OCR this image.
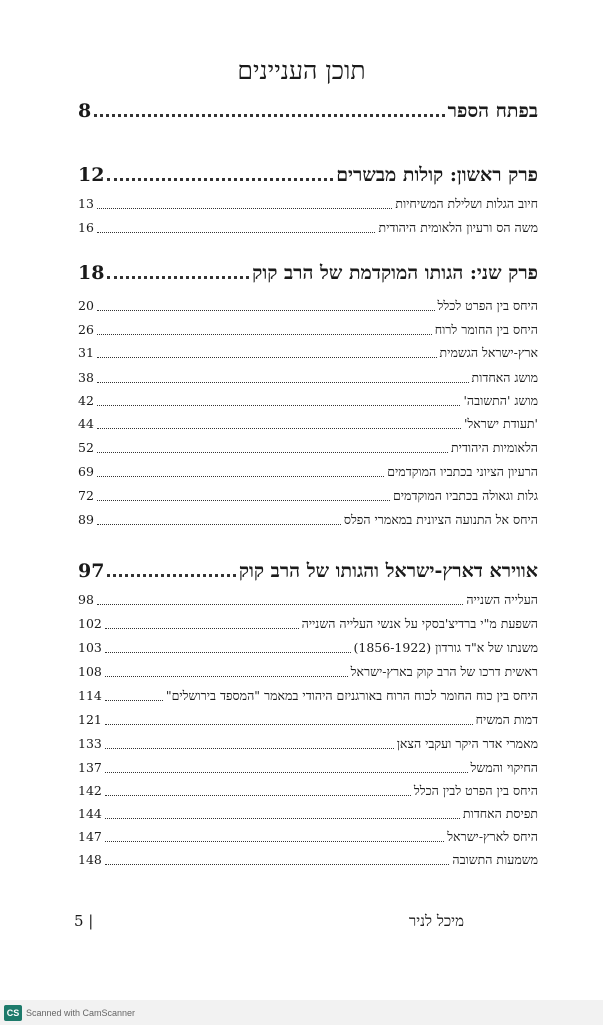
תוכן העניינים
בפתח הספר
8
פרק ראשון: קולות מבשרים
12
חיוב הגלות ושלילת המשיחיות
13
משה הס ורעיון הלאומית היהודית
16
פרק שני: הגותו המוקדמת של הרב קוק
18
היחס בין הפרט לכלל
20
היחס בין החומר לרוח
26
ארץ-ישראל הגשמית
31
מושג האחדות
38
מושג 'התשובה'
42
'תעודת ישראל'
44
הלאומיות היהודית
52
הרעיון הציוני בכתביו המוקדמים
69
גלות וגאולה בכתביו המוקדמים
72
היחס אל התנועה הציונית במאמרי הפלס
89
אווירא דארץ-ישראל והגותו של הרב קוק
97
העלייה השנייה
98
השפעת מ"י ברדיצ'בסקי על אנשי העלייה השנייה
102
משנתו של א"ד גורדון (1856-1922)
103
ראשית דרכו של הרב קוק בארץ-ישראל
108
היחס בין כוח החומר לכוח הרוח באורגניזם היהודי במאמר "המספד בירושלים"
114
דמות המשיח
121
מאמרי אדר היקר ועקבי הצאן
133
החיקוי והמשל
137
היחס בין הפרט לבין הכלל
142
תפיסת האחדות
144
היחס לארץ-ישראל
147
משמעות התשובה
148
מיכל לניר
5 |
CS Scanned with CamScanner
